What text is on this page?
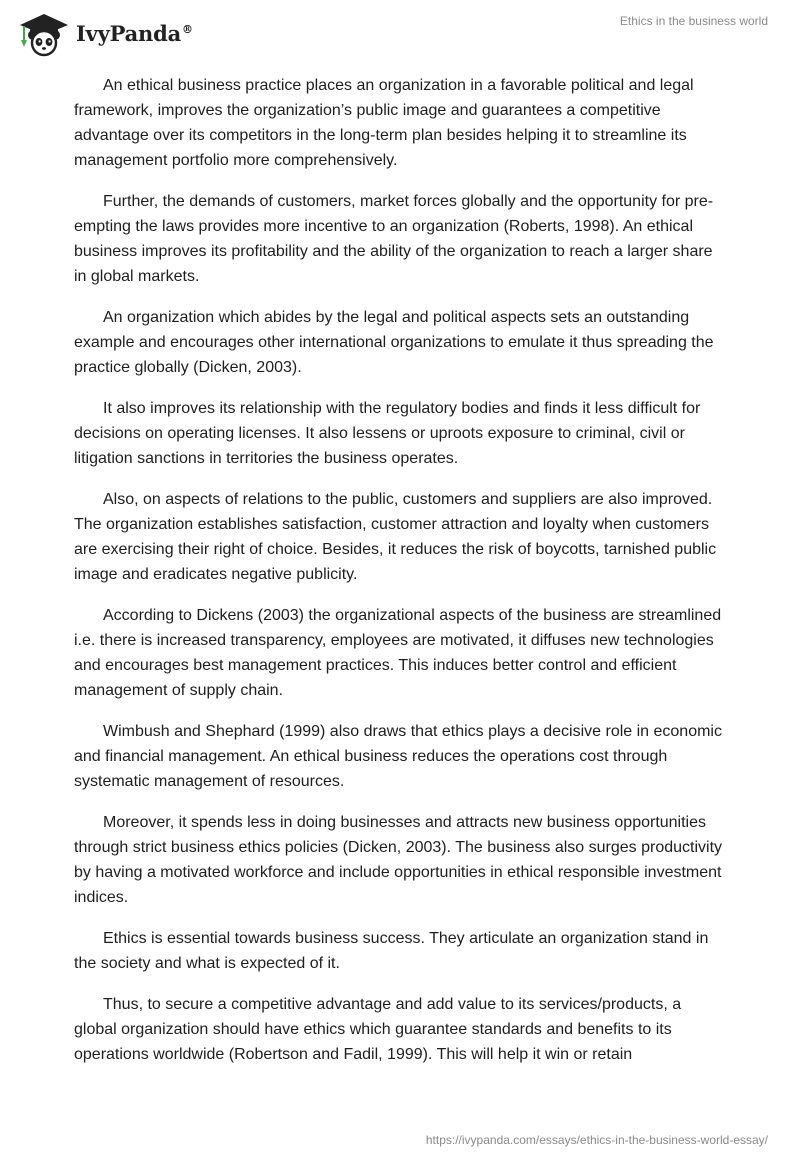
IvyPanda®
Ethics in the business world

An ethical business practice places an organization in a favorable political and legal framework, improves the organization’s public image and guarantees a competitive advantage over its competitors in the long-term plan besides helping it to streamline its management portfolio more comprehensively.

Further, the demands of customers, market forces globally and the opportunity for pre-empting the laws provides more incentive to an organization (Roberts, 1998). An ethical business improves its profitability and the ability of the organization to reach a larger share in global markets.

An organization which abides by the legal and political aspects sets an outstanding example and encourages other international organizations to emulate it thus spreading the practice globally (Dicken, 2003).

It also improves its relationship with the regulatory bodies and finds it less difficult for decisions on operating licenses. It also lessens or uproots exposure to criminal, civil or litigation sanctions in territories the business operates.

Also, on aspects of relations to the public, customers and suppliers are also improved. The organization establishes satisfaction, customer attraction and loyalty when customers are exercising their right of choice. Besides, it reduces the risk of boycotts, tarnished public image and eradicates negative publicity.

According to Dickens (2003) the organizational aspects of the business are streamlined i.e. there is increased transparency, employees are motivated, it diffuses new technologies and encourages best management practices. This induces better control and efficient management of supply chain.

Wimbush and Shephard (1999) also draws that ethics plays a decisive role in economic and financial management. An ethical business reduces the operations cost through systematic management of resources.

Moreover, it spends less in doing businesses and attracts new business opportunities through strict business ethics policies (Dicken, 2003). The business also surges productivity by having a motivated workforce and include opportunities in ethical responsible investment indices.

Ethics is essential towards business success. They articulate an organization stand in the society and what is expected of it.

Thus, to secure a competitive advantage and add value to its services/products, a global organization should have ethics which guarantee standards and benefits to its operations worldwide (Robertson and Fadil, 1999). This will help it win or retain

https://ivypanda.com/essays/ethics-in-the-business-world-essay/
